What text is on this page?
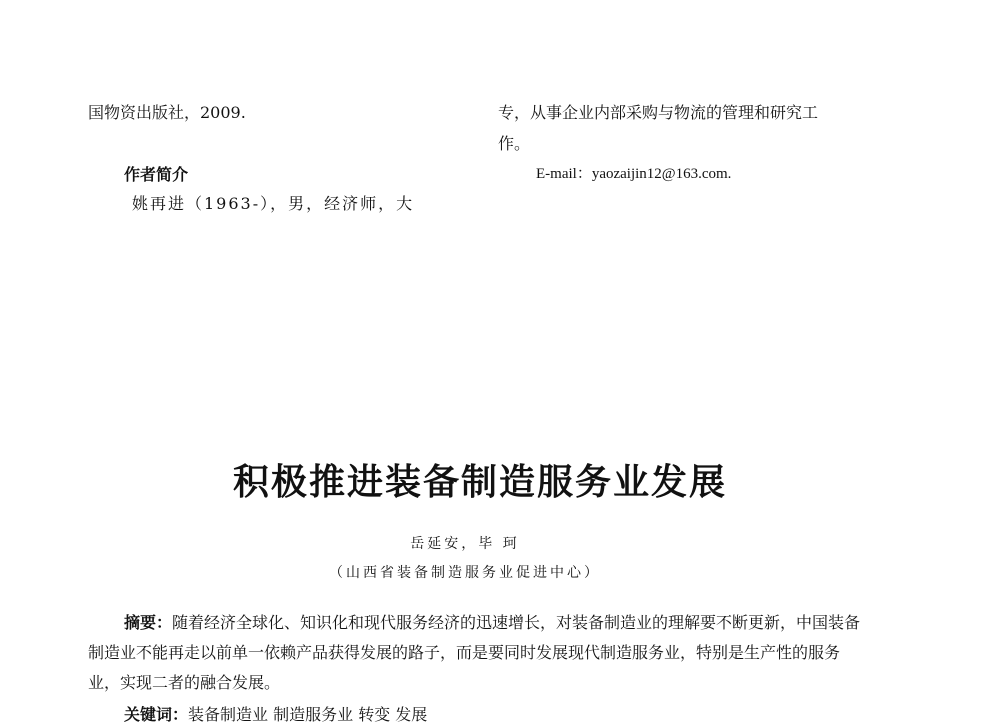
国物资出版社，2009.
作者简介
姚再进（1963-），男，经济师，大
专，从事企业内部采购与物流的管理和研究工
作。
E-mail：yaozaijin12@163.com.
积极推进装备制造服务业发展
岳延安，毕 珂
（山西省装备制造服务业促进中心）
摘要：随着经济全球化、知识化和现代服务经济的迅速增长，对装备制造业的理解要不断更新，中国装备制造业不能再走以前单一依赖产品获得发展的路子，而是要同时发展现代制造服务业，特别是生产性的服务业，实现二者的融合发展。
关键词：装备制造业 制造服务业 转变 发展
